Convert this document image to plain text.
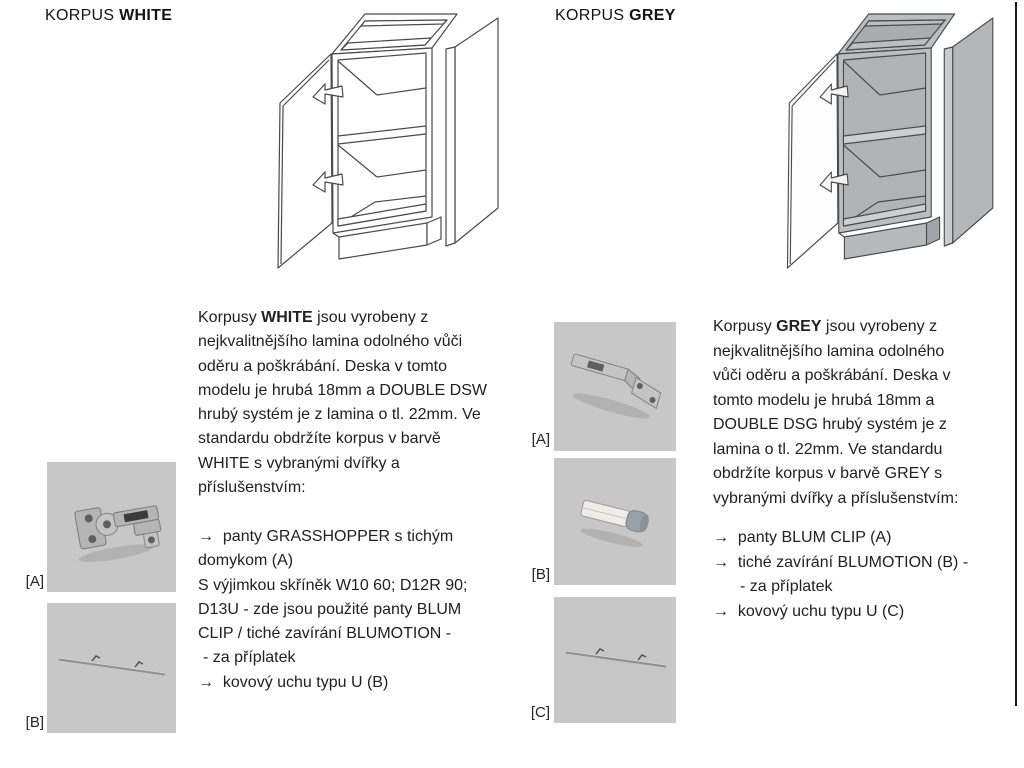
KORPUS WHITE
Korpusy WHITE jsou vyrobeny z
nejkvalitnějšího lamina odolného vůči
oděru a poškrábání. Deska v tomto
modelu je hrubá 18mm a DOUBLE DSW
hrubý systém je z lamina o tl. 22mm. Ve
standardu obdržíte korpus v barvě
WHITE s vybranými dvířky a
příslušenstvím:
→  panty GRASSHOPPER s tichým
domykom (A)
S výjimkou skříněk W10 60; D12R 90;
D13U - zde jsou použité panty BLUM
CLIP / tiché zavírání BLUMOTION -
- za příplatek
→  kovový uchu typu U (B)
[A]
[B]
KORPUS GREY
[A]
[B]
[C]
Korpusy GREY jsou vyrobeny z
nejkvalitnějšího lamina odolného
vůči oděru a poškrábání. Deska v
tomto modelu je hrubá 18mm a
DOUBLE DSG hrubý systém je z
lamina o tl. 22mm. Ve standardu
obdržíte korpus v barvě GREY s
vybranými dvířky a příslušenstvím:
→  panty BLUM CLIP (A)
→  tiché zavírání BLUMOTION (B) -
- za příplatek
→  kovový uchu typu U (C)
